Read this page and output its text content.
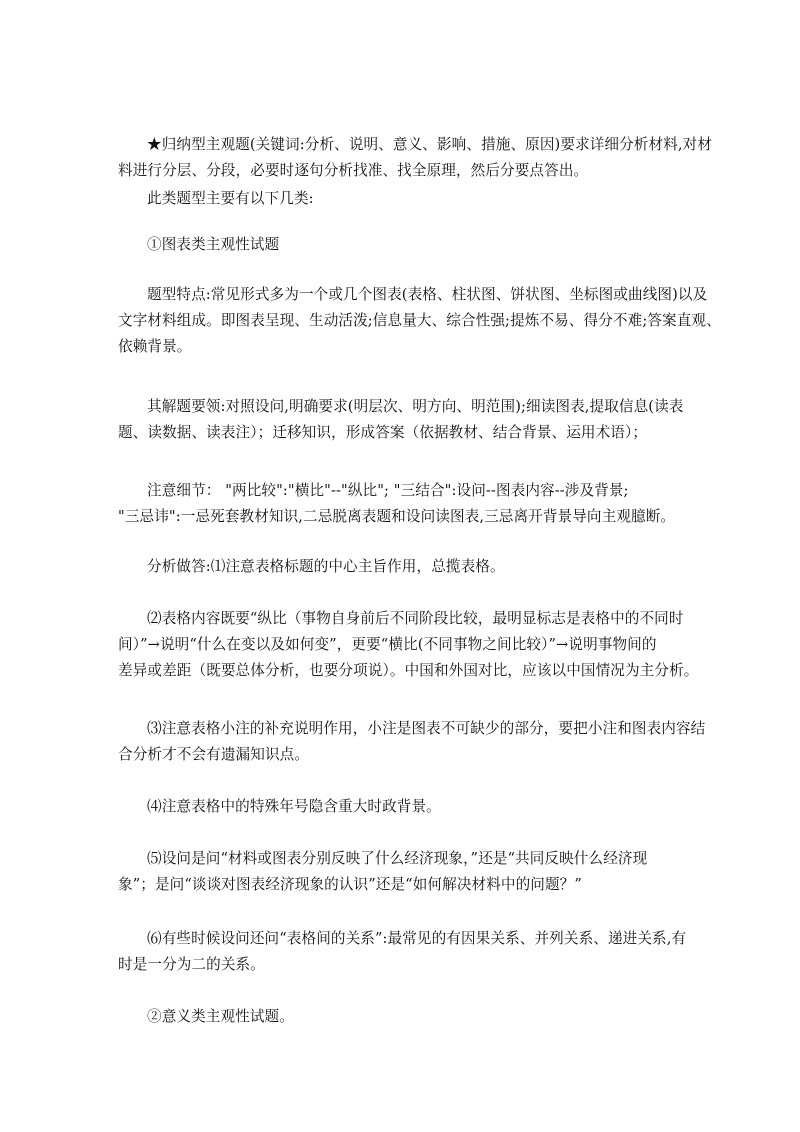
★归纳型主观题(关键词:分析、说明、意义、影响、措施、原因)要求详细分析材料,对材
料进行分层、分段，必要时逐句分析找准、找全原理，然后分要点答出。

此类题型主要有以下几类:

①图表类主观性试题

题型特点:常见形式多为一个或几个图表(表格、柱状图、饼状图、坐标图或曲线图)以及
文字材料组成。即图表呈现、生动活泼;信息量大、综合性强;提炼不易、得分不难;答案直观、
依赖背景。

其解题要领:对照设问,明确要求(明层次、明方向、明范围);细读图表,提取信息(读表
题、读数据、读表注）；迁移知识，形成答案（依据教材、结合背景、运用术语）；

注意细节： "两比较":"横比"--"纵比"; "三结合":设问--图表内容--涉及背景;
"三忌讳":一忌死套教材知识,二忌脱离表题和设问读图表,三忌离开背景导向主观臆断。

分析做答:⑴注意表格标题的中心主旨作用，总揽表格。

⑵表格内容既要“纵比（事物自身前后不同阶段比较，最明显标志是表格中的不同时
间）”→说明“什么在变以及如何变”，更要“横比(不同事物之间比较）”→说明事物间的
差异或差距（既要总体分析，也要分项说）。中国和外国对比，应该以中国情况为主分析。

⑶注意表格小注的补充说明作用，小注是图表不可缺少的部分，要把小注和图表内容结
合分析才不会有遗漏知识点。

⑷注意表格中的特殊年号隐含重大时政背景。

⑸设问是问“材料或图表分别反映了什么经济现象，”还是“共同反映什么经济现
象”；是问“谈谈对图表经济现象的认识”还是“如何解决材料中的问题？”

⑹有些时候设问还问“表格间的关系”:最常见的有因果关系、并列关系、递进关系,有
时是一分为二的关系。

②意义类主观性试题。
